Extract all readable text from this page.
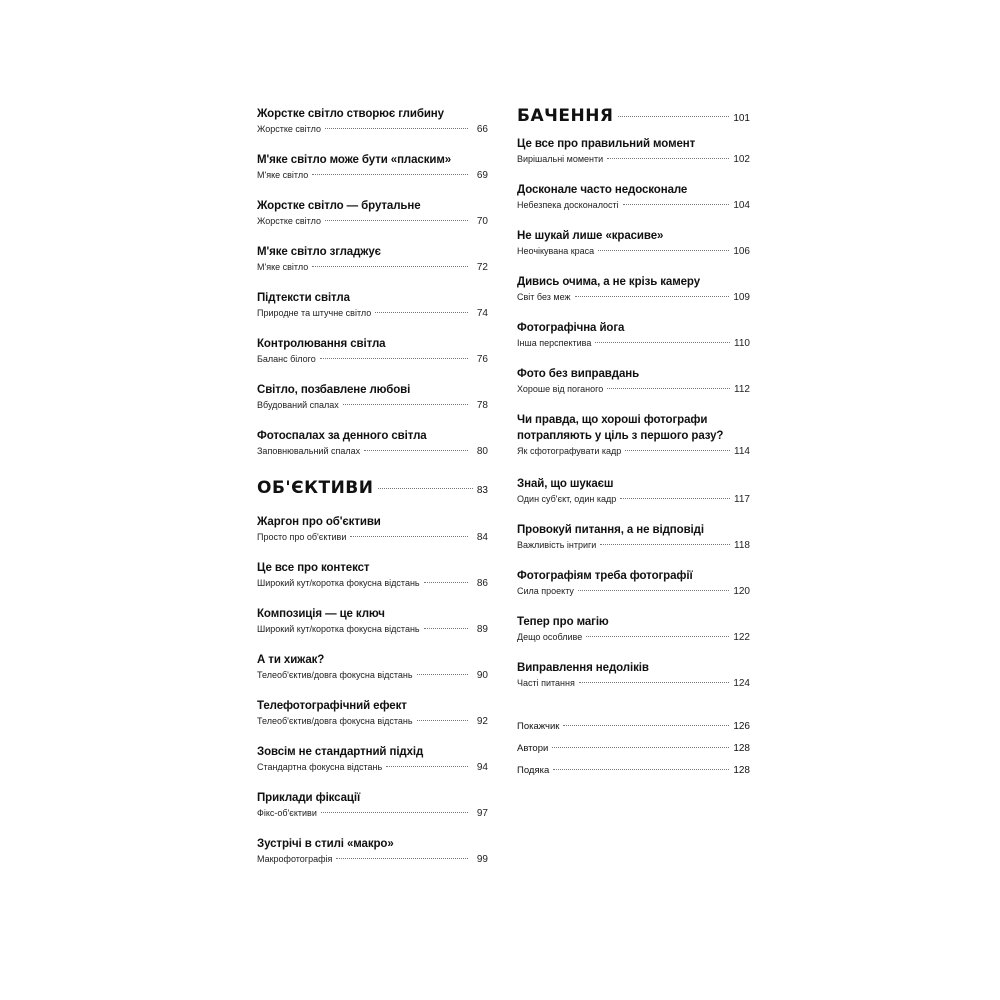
Жорстке світло створює глибину
Жорстке світло	66
М'яке світло може бути «пласким»
М'яке світло	69
Жорстке світло — брутальне
Жорстке світло	70
М'яке світло згладжує
М'яке світло	72
Підтексти світла
Природне та штучне світло	74
Контролювання світла
Баланс білого	76
Світло, позбавлене любові
Вбудований спалах	78
Фотоспалах за денного світла
Заповнювальний спалах	80
ОБ'ЄКТИВИ	83
Жаргон про об'єктиви
Просто про об'єктиви	84
Це все про контекст
Широкий кут/коротка фокусна відстань	86
Композиція — це ключ
Широкий кут/коротка фокусна відстань	89
А ти хижак?
Телеоб'єктив/довга фокусна відстань	90
Телефотографічний ефект
Телеоб'єктив/довга фокусна відстань	92
Зовсім не стандартний підхід
Стандартна фокусна відстань	94
Приклади фіксації
Фікс-об'єктиви	97
Зустрічі в стилі «макро»
Макрофотографія	99
БАЧЕННЯ	101
Це все про правильний момент
Вирішальні моменти	102
Досконале часто недосконале
Небезпека досконалості	104
Не шукай лише «красиве»
Неочікувана краса	106
Дивись очима, а не крізь камеру
Світ без меж	109
Фотографічна йога
Інша перспектива	110
Фото без виправдань
Хороше від поганого	112
Чи правда, що хороші фотографи потрапляють у ціль з першого разу?
Як сфотографувати кадр	114
Знай, що шукаєш
Один суб'єкт, один кадр	117
Провокуй питання, а не відповіді
Важливість інтриги	118
Фотографіям треба фотографії
Сила проекту	120
Тепер про магію
Дещо особливе	122
Виправлення недоліків
Часті питання	124
Покажчик	126
Автори	128
Подяка	128
